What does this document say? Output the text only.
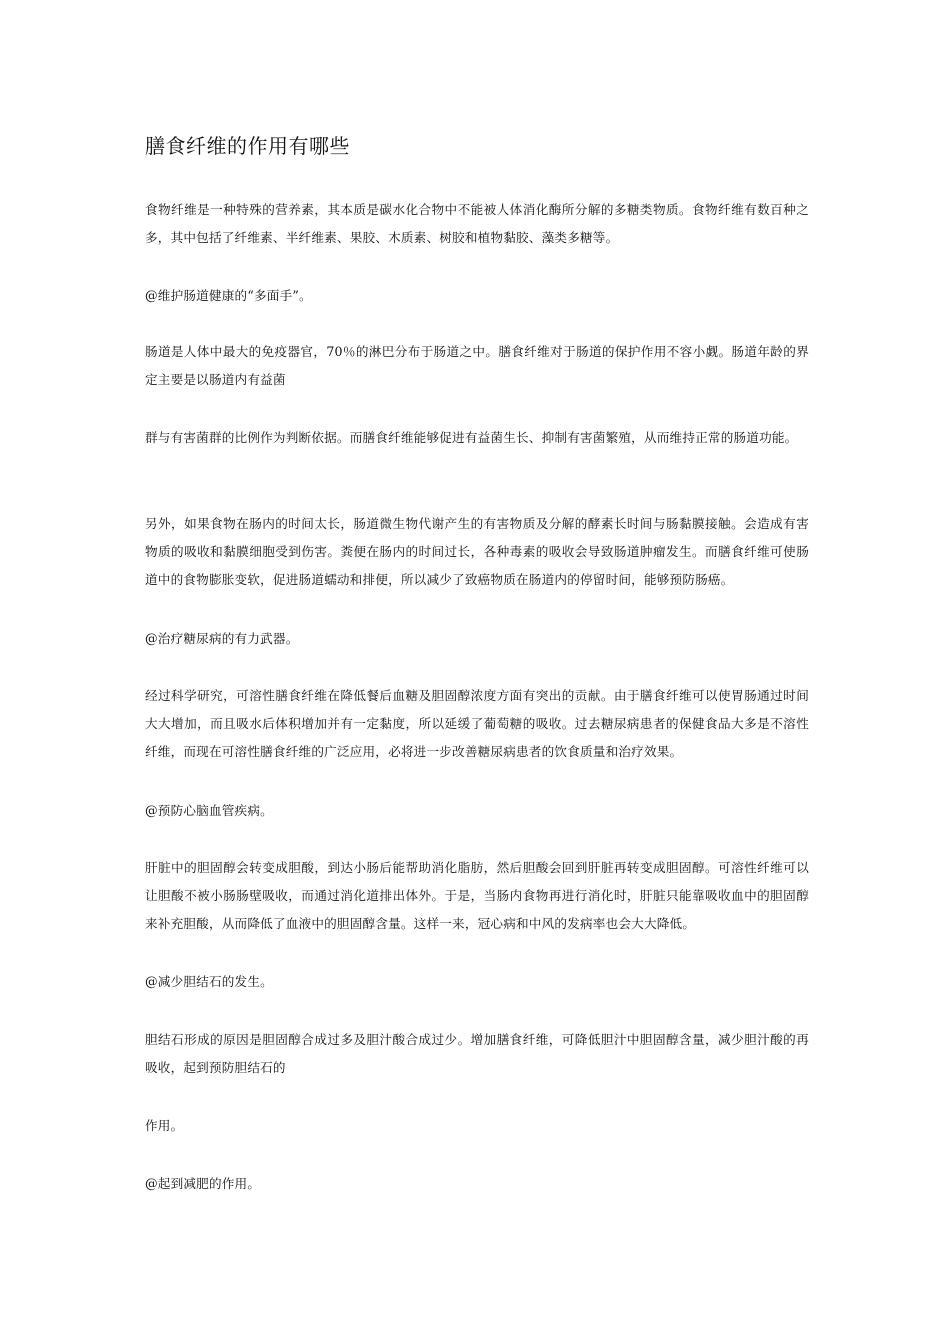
膳食纤维的作用有哪些

食物纤维是一种特殊的营养素，其本质是碳水化合物中不能被人体消化酶所分解的多糖类物质。食物纤维有数百种之多，其中包括了纤维素、半纤维素、果胶、木质素、树胶和植物黏胶、藻类多糖等。

@维护肠道健康的“多面手”。

肠道是人体中最大的免疫器官，70％的淋巴分布于肠道之中。膳食纤维对于肠道的保护作用不容小觑。肠道年龄的界定主要是以肠道内有益菌

群与有害菌群的比例作为判断依据。而膳食纤维能够促进有益菌生长、抑制有害菌繁殖，从而维持正常的肠道功能。

另外，如果食物在肠内的时间太长，肠道微生物代谢产生的有害物质及分解的酵素长时间与肠黏膜接触。会造成有害物质的吸收和黏膜细胞受到伤害。粪便在肠内的时间过长，各种毒素的吸收会导致肠道肿瘤发生。而膳食纤维可使肠道中的食物膨胀变软，促进肠道蠕动和排便，所以减少了致癌物质在肠道内的停留时间，能够预防肠癌。

@治疗糖尿病的有力武器。

经过科学研究，可溶性膳食纤维在降低餐后血糖及胆固醇浓度方面有突出的贡献。由于膳食纤维可以使胃肠通过时间大大增加，而且吸水后体积增加并有一定黏度，所以延缓了葡萄糖的吸收。过去糖尿病患者的保健食品大多是不溶性纤维，而现在可溶性膳食纤维的广泛应用，必将进一步改善糖尿病患者的饮食质量和治疗效果。

@预防心脑血管疾病。

肝脏中的胆固醇会转变成胆酸，到达小肠后能帮助消化脂肪，然后胆酸会回到肝脏再转变成胆固醇。可溶性纤维可以让胆酸不被小肠肠壁吸收，而通过消化道排出体外。于是，当肠内食物再进行消化时，肝脏只能靠吸收血中的胆固醇来补充胆酸，从而降低了血液中的胆固醇含量。这样一来，冠心病和中风的发病率也会大大降低。

@减少胆结石的发生。

胆结石形成的原因是胆固醇合成过多及胆汁酸合成过少。增加膳食纤维，可降低胆汁中胆固醇含量，减少胆汁酸的再吸收，起到预防胆结石的

作用。

@起到减肥的作用。
